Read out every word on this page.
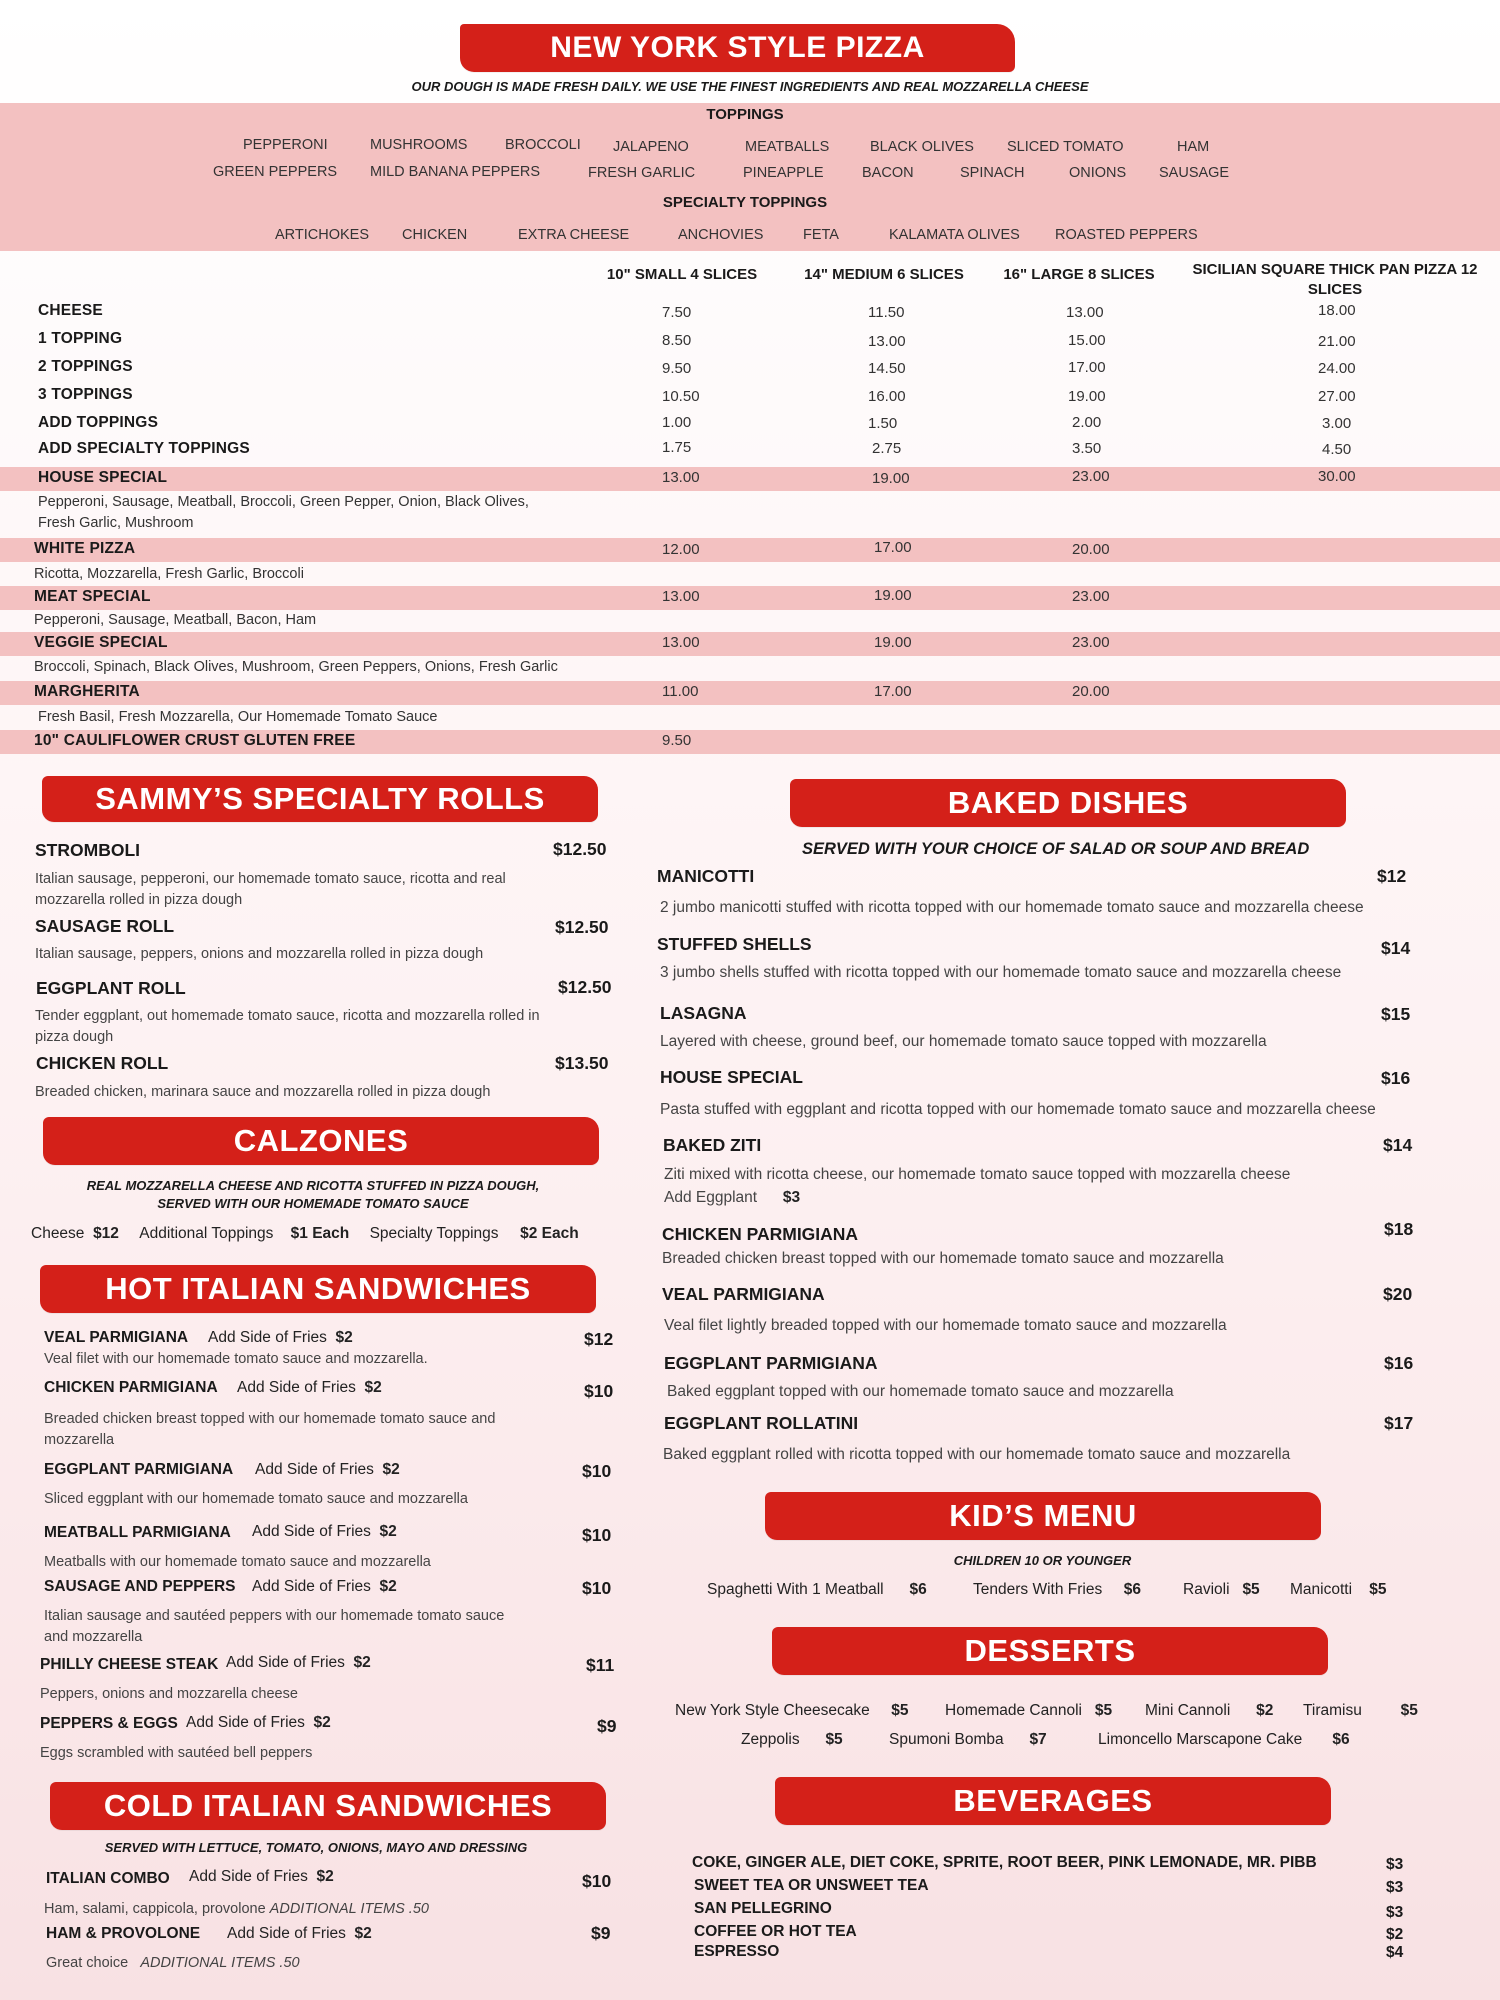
NEW YORK STYLE PIZZA
OUR DOUGH IS MADE FRESH DAILY. WE USE THE FINEST INGREDIENTS AND REAL MOZZARELLA CHEESE
TOPPINGS
PEPPERONI	MUSHROOMS	BROCCOLI JALAPENO	MEATBALLS	BLACK OLIVES SLICED TOMATO	HAM
GREEN PEPPERS MILD BANANA PEPPERS	FRESH GARLIC	PINEAPPLE	BACON	SPINACH	ONIONS SAUSAGE
SPECIALTY TOPPINGS
ARTICHOKES CHICKEN	EXTRA CHEESE	ANCHOVIES	FETA	KALAMATA OLIVES ROASTED PEPPERS
10" SMALL 4 SLICES	14" MEDIUM 6 SLICES	16" LARGE 8 SLICES	SICILIAN SQUARE THICK PAN PIZZA 12 SLICES
CHEESE	7.50	11.50	13.00	18.00
1 TOPPING	8.50	13.00	15.00	21.00
2 TOPPINGS	9.50	14.50	17.00	24.00
3 TOPPINGS	10.50	16.00	19.00	27.00
ADD TOPPINGS	1.00	1.50	2.00	3.00
ADD SPECIALTY TOPPINGS	1.75	2.75	3.50	4.50
HOUSE SPECIAL	13.00	19.00	23.00	30.00
Pepperoni, Sausage, Meatball, Broccoli, Green Pepper, Onion, Black Olives,
Fresh Garlic, Mushroom
WHITE PIZZA	12.00	17.00	20.00
Ricotta, Mozzarella, Fresh Garlic, Broccoli
MEAT SPECIAL	13.00	19.00	23.00
Pepperoni, Sausage, Meatball, Bacon, Ham
VEGGIE SPECIAL	13.00	19.00	23.00
Broccoli, Spinach, Black Olives, Mushroom, Green Peppers, Onions, Fresh Garlic
MARGHERITA	11.00	17.00	20.00
Fresh Basil, Fresh Mozzarella, Our Homemade Tomato Sauce
10" CAULIFLOWER CRUST GLUTEN FREE	9.50
SAMMY’S SPECIALTY ROLLS
STROMBOLI	$12.50
Italian sausage, pepperoni, our homemade tomato sauce, ricotta and real
mozzarella rolled in pizza dough
SAUSAGE ROLL	$12.50
Italian sausage, peppers, onions and mozzarella rolled in pizza dough
EGGPLANT ROLL	$12.50
Tender eggplant, out homemade tomato sauce, ricotta and mozzarella rolled in
pizza dough
CHICKEN ROLL	$13.50
Breaded chicken, marinara sauce and mozzarella rolled in pizza dough
CALZONES
REAL MOZZARELLA CHEESE AND RICOTTA STUFFED IN PIZZA DOUGH,
SERVED WITH OUR HOMEMADE TOMATO SAUCE
Cheese $12 Additional Toppings $1 Each Specialty Toppings $2 Each
HOT ITALIAN SANDWICHES
VEAL PARMIGIANA Add Side of Fries $2	$12
Veal filet with our homemade tomato sauce and mozzarella.
CHICKEN PARMIGIANA Add Side of Fries $2	$10
Breaded chicken breast topped with our homemade tomato sauce and
mozzarella
EGGPLANT PARMIGIANA Add Side of Fries $2	$10
Sliced eggplant with our homemade tomato sauce and mozzarella
MEATBALL PARMIGIANA Add Side of Fries $2	$10
Meatballs with our homemade tomato sauce and mozzarella
SAUSAGE AND PEPPERS Add Side of Fries $2	$10
Italian sausage and sautéed peppers with our homemade tomato sauce
and mozzarella
PHILLY CHEESE STEAK Add Side of Fries $2	$11
Peppers, onions and mozzarella cheese
PEPPERS & EGGS Add Side of Fries $2	$9
Eggs scrambled with sautéed bell peppers
COLD ITALIAN SANDWICHES
SERVED WITH LETTUCE, TOMATO, ONIONS, MAYO AND DRESSING
ITALIAN COMBO Add Side of Fries $2	$10
Ham, salami, cappicola, provolone ADDITIONAL ITEMS .50
HAM & PROVOLONE Add Side of Fries $2	$9
Great choice ADDITIONAL ITEMS .50
BAKED DISHES
SERVED WITH YOUR CHOICE OF SALAD OR SOUP AND BREAD
MANICOTTI	$12
2 jumbo manicotti stuffed with ricotta topped with our homemade tomato sauce and mozzarella cheese
STUFFED SHELLS	$14
3 jumbo shells stuffed with ricotta topped with our homemade tomato sauce and mozzarella cheese
LASAGNA	$15
Layered with cheese, ground beef, our homemade tomato sauce topped with mozzarella
HOUSE SPECIAL	$16
Pasta stuffed with eggplant and ricotta topped with our homemade tomato sauce and mozzarella cheese
BAKED ZITI	$14
Ziti mixed with ricotta cheese, our homemade tomato sauce topped with mozzarella cheese
Add Eggplant $3
CHICKEN PARMIGIANA	$18
Breaded chicken breast topped with our homemade tomato sauce and mozzarella
VEAL PARMIGIANA	$20
Veal filet lightly breaded topped with our homemade tomato sauce and mozzarella
EGGPLANT PARMIGIANA	$16
Baked eggplant topped with our homemade tomato sauce and mozzarella
EGGPLANT ROLLATINI	$17
Baked eggplant rolled with ricotta topped with our homemade tomato sauce and mozzarella
KID’S MENU
CHILDREN 10 OR YOUNGER
Spaghetti With 1 Meatball $6	Tenders With Fries $6	Ravioli $5 Manicotti $5
DESSERTS
New York Style Cheesecake $5 Homemade Cannoli $5 Mini Cannoli $2 Tiramisu	$5
Zeppolis $5	Spumoni Bomba $7	Limoncello Marscapone Cake $6
BEVERAGES
COKE, GINGER ALE, DIET COKE, SPRITE, ROOT BEER, PINK LEMONADE, MR. PIBB	$3
SWEET TEA OR UNSWEET TEA	$3
SAN PELLEGRINO	$3
COFFEE OR HOT TEA	$2
ESPRESSO	$4
